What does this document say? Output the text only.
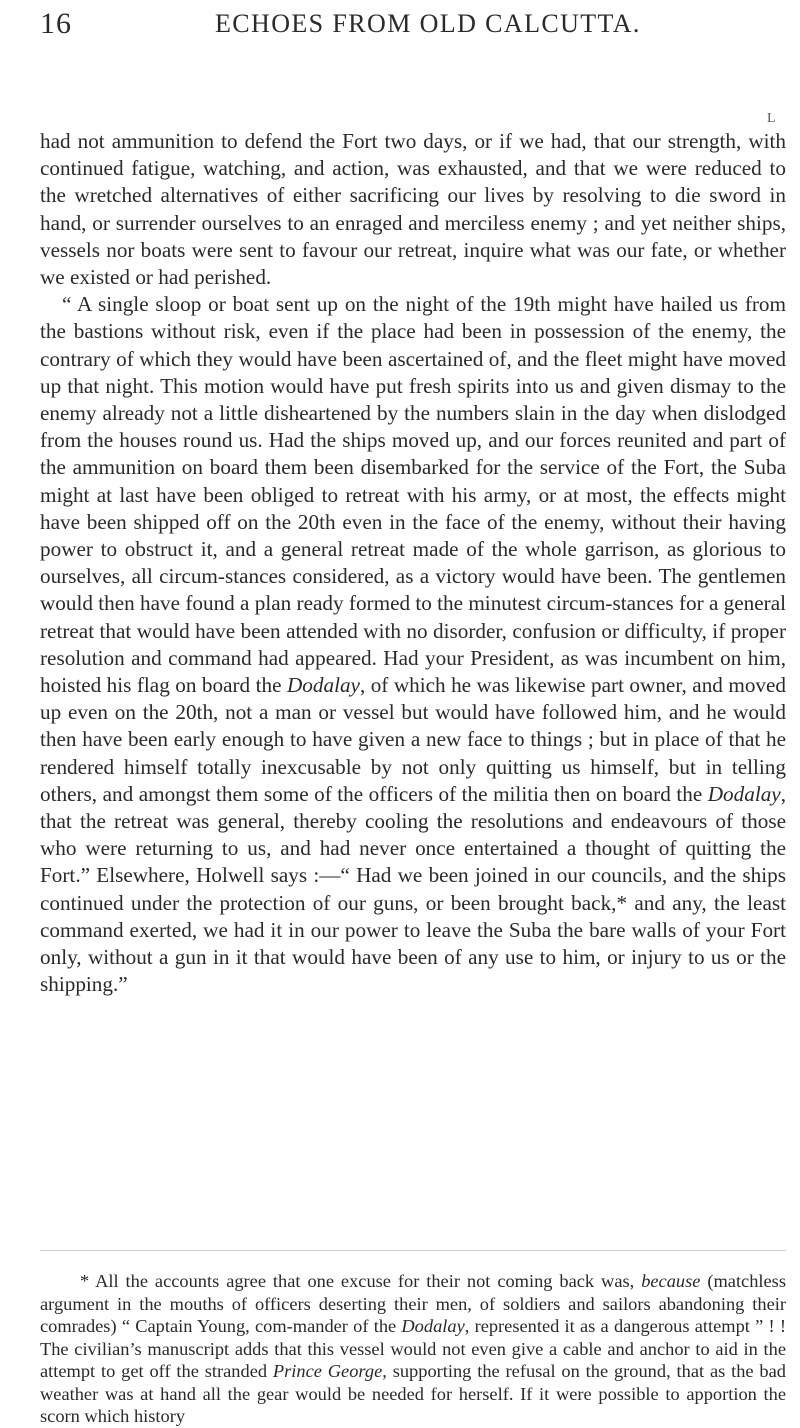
16	ECHOES FROM OLD CALCUTTA.
L

had not ammunition to defend the Fort two days, or if we had, that our strength, with continued fatigue, watching, and action, was exhausted, and that we were reduced to the wretched alternatives of either sacrificing our lives by resolving to die sword in hand, or surrender ourselves to an enraged and merciless enemy ; and yet neither ships, vessels nor boats were sent to favour our retreat, inquire what was our fate, or whether we existed or had perished.

“ A single sloop or boat sent up on the night of the 19th might have hailed us from the bastions without risk, even if the place had been in possession of the enemy, the contrary of which they would have been ascertained of, and the fleet might have moved up that night. This motion would have put fresh spirits into us and given dismay to the enemy already not a little disheartened by the numbers slain in the day when dislodged from the houses round us. Had the ships moved up, and our forces reunited and part of the ammunition on board them been disembarked for the service of the Fort, the Suba might at last have been obliged to retreat with his army, or at most, the effects might have been shipped off on the 20th even in the face of the enemy, without their having power to obstruct it, and a general retreat made of the whole garrison, as glorious to ourselves, all circum-stances considered, as a victory would have been. The gentlemen would then have found a plan ready formed to the minutest circum-stances for a general retreat that would have been attended with no disorder, confusion or difficulty, if proper resolution and command had appeared. Had your President, as was incumbent on him, hoisted his flag on board the Dodalay, of which he was likewise part owner, and moved up even on the 20th, not a man or vessel but would have followed him, and he would then have been early enough to have given a new face to things ; but in place of that he rendered himself totally inexcusable by not only quitting us himself, but in telling others, and amongst them some of the officers of the militia then on board the Dodalay, that the retreat was general, thereby cooling the resolutions and endeavours of those who were returning to us, and had never once entertained a thought of quitting the Fort.” Elsewhere, Holwell says :—“ Had we been joined in our councils, and the ships continued under the protection of our guns, or been brought back,* and any, the least command exerted, we had it in our power to leave the Suba the bare walls of your Fort only, without a gun in it that would have been of any use to him, or injury to us or the shipping.”

* All the accounts agree that one excuse for their not coming back was, because (matchless argument in the mouths of officers deserting their men, of soldiers and sailors abandoning their comrades) “ Captain Young, com-mander of the Dodalay, represented it as a dangerous attempt ” ! ! The civilian’s manuscript adds that this vessel would not even give a cable and anchor to aid in the attempt to get off the stranded Prince George, supporting the refusal on the ground, that as the bad weather was at hand all the gear would be needed for herself. If it were possible to apportion the scorn which history
